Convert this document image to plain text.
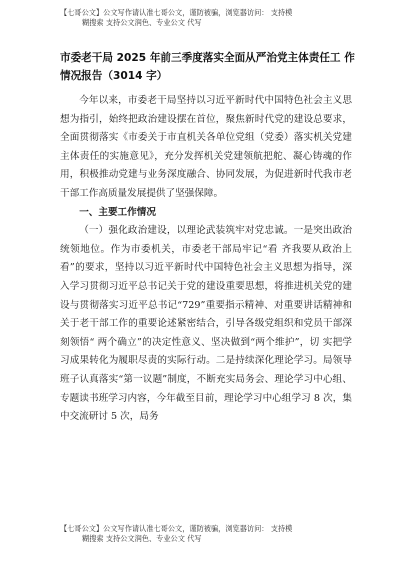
【七哥公文】公文写作请认准七哥公文，谨防被骗，浏览器访问： 支持模
糊搜索 支持公文润色、专业公文 代写
市委老干局 2025 年前三季度落实全面从严治党主体责任工 作情况报告（3014 字）

今年以来，市委老干局坚持以习近平新时代中国特色社会主义思想为指引，始终把政治建设摆在首位，聚焦新时代党的建设总要求，全面贯彻落实《市委关于市直机关各单位党组（党委）落实机关党建主体责任的实施意见》，充分发挥机关党建领航把舵、凝心铸魂的作用，积极推动党建与业务深度融合、协同发展，为促进新时代我市老干部工作高质量发展提供了坚强保障。

一、主要工作情况

（一）强化政治建设，以理论武装筑牢对党忠诚。一是突出政治统领地位。作为市委机关，市委老干部局牢记“看 齐我要从政治上看”的要求，坚持以习近平新时代中国特色社会主义思想为指导，深入学习贯彻习近平总书记关于党的建设重要思想，将推进机关党的建设与贯彻落实习近平总书记“729”重要指示精神、对重要讲话精神和关于老干部工作的重要论述紧密结合，引导各级党组织和党员干部深刻领悟“ 两个确立”的决定性意义、坚决做到“两个维护”，切 实把学习成果转化为履职尽责的实际行动。二是持续深化理论学习。局领导班子认真落实“第一议题”制度，不断充实局务会、理论学习中心组、专题读书班学习内容，今年截至目前，理论学习中心组学习 8 次，集中交流研讨 5 次，局务

【七哥公文】公文写作请认准七哥公文，谨防被骗，浏览器访问： 支持模
糊搜索 支持公文润色、专业公文 代写
